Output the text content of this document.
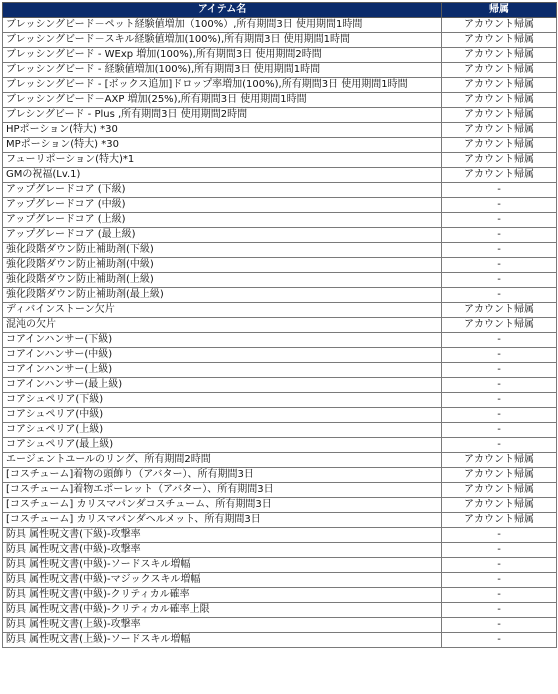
アイテム名	帰属
ブレッシングビード－ペット経験値増加（100%）,所有期間3日 使用期間1時間	アカウント帰属
ブレッシングビード－スキル経験値増加(100%),所有期間3日 使用期間1時間	アカウント帰属
ブレッシングビード - WExp 増加(100%),所有期間3日 使用期間2時間	アカウント帰属
ブレッシングビード - 経験値増加(100%),所有期間3日 使用期間1時間	アカウント帰属
ブレッシングビード - [ボックス追加]ドロップ率増加(100%),所有期間3日 使用期間1時間	アカウント帰属
ブレッシングビード－AXP 増加(25%),所有期間3日 使用期間1時間	アカウント帰属
ブレシングビード - Plus ,所有期間3日 使用期間2時間	アカウント帰属
HPポーション(特大) *30	アカウント帰属
MPポーション(特大) *30	アカウント帰属
フューリポーション(特大)*1	アカウント帰属
GMの祝福(Lv.1)	アカウント帰属
アップグレードコア (下級)	-
アップグレードコア (中級)	-
アップグレードコア (上級)	-
アップグレードコア (最上級)	-
強化段階ダウン防止補助剤(下級)	-
強化段階ダウン防止補助剤(中級)	-
強化段階ダウン防止補助剤(上級)	-
強化段階ダウン防止補助剤(最上級)	-
ディバインストーン欠片	アカウント帰属
混沌の欠片	アカウント帰属
コアインハンサー(下級)	-
コアインハンサー(中級)	-
コアインハンサー(上級)	-
コアインハンサー(最上級)	-
コアシュペリア(下級)	-
コアシュペリア(中級)	-
コアシュペリア(上級)	-
コアシュペリア(最上級)	-
エージェントユールのリング、所有期間2時間	アカウント帰属
[コスチューム]着物の頭飾り（アバター）、所有期間3日	アカウント帰属
[コスチューム]着物エポーレット（アバター）、所有期間3日	アカウント帰属
[コスチューム] カリスマパンダコスチューム、所有期間3日	アカウント帰属
[コスチューム] カリスマパンダヘルメット、所有期間3日	アカウント帰属
防具 属性呪文書(下級)-攻撃率	-
防具 属性呪文書(中級)-攻撃率	-
防具 属性呪文書(中級)-ソードスキル増幅	-
防具 属性呪文書(中級)-マジックスキル増幅	-
防具 属性呪文書(中級)-クリティカル確率	-
防具 属性呪文書(中級)-クリティカル確率上限	-
防具 属性呪文書(上級)-攻撃率	-
防具 属性呪文書(上級)-ソードスキル増幅	-
